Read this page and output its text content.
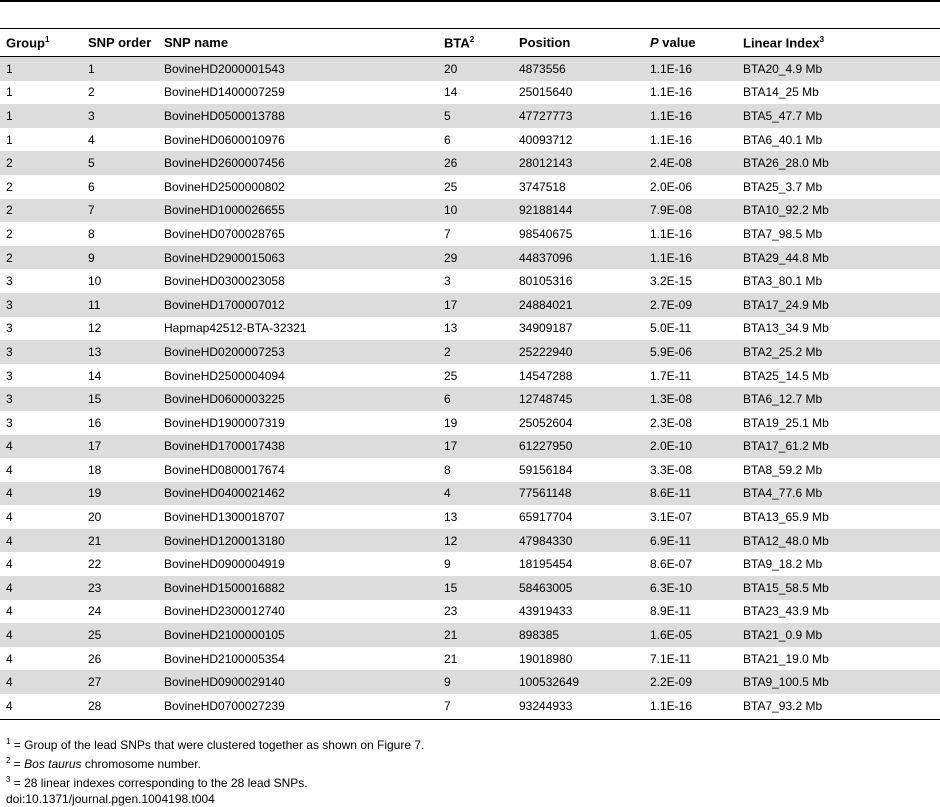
Group$^1$	SNP order	SNP name	BTA$^2$	Position	P value	Linear Index$^3$
1	1	BovineHD2000001543	20	4873556	1.1E-16	BTA20_4.9 Mb
1	2	BovineHD1400007259	14	25015640	1.1E-16	BTA14_25 Mb
1	3	BovineHD0500013788	5	47727773	1.1E-16	BTA5_47.7 Mb
1	4	BovineHD0600010976	6	40093712	1.1E-16	BTA6_40.1 Mb
2	5	BovineHD2600007456	26	28012143	2.4E-08	BTA26_28.0 Mb
2	6	BovineHD2500000802	25	3747518	2.0E-06	BTA25_3.7 Mb
2	7	BovineHD1000026655	10	92188144	7.9E-08	BTA10_92.2 Mb
2	8	BovineHD0700028765	7	98540675	1.1E-16	BTA7_98.5 Mb
2	9	BovineHD2900015063	29	44837096	1.1E-16	BTA29_44.8 Mb
3	10	BovineHD0300023058	3	80105316	3.2E-15	BTA3_80.1 Mb
3	11	BovineHD1700007012	17	24884021	2.7E-09	BTA17_24.9 Mb
3	12	Hapmap42512-BTA-32321	13	34909187	5.0E-11	BTA13_34.9 Mb
3	13	BovineHD0200007253	2	25222940	5.9E-06	BTA2_25.2 Mb
3	14	BovineHD2500004094	25	14547288	1.7E-11	BTA25_14.5 Mb
3	15	BovineHD0600003225	6	12748745	1.3E-08	BTA6_12.7 Mb
3	16	BovineHD1900007319	19	25052604	2.3E-08	BTA19_25.1 Mb
4	17	BovineHD1700017438	17	61227950	2.0E-10	BTA17_61.2 Mb
4	18	BovineHD0800017674	8	59156184	3.3E-08	BTA8_59.2 Mb
4	19	BovineHD0400021462	4	77561148	8.6E-11	BTA4_77.6 Mb
4	20	BovineHD1300018707	13	65917704	3.1E-07	BTA13_65.9 Mb
4	21	BovineHD1200013180	12	47984330	6.9E-11	BTA12_48.0 Mb
4	22	BovineHD0900004919	9	18195454	8.6E-07	BTA9_18.2 Mb
4	23	BovineHD1500016882	15	58463005	6.3E-10	BTA15_58.5 Mb
4	24	BovineHD2300012740	23	43919433	8.9E-11	BTA23_43.9 Mb
4	25	BovineHD2100000105	21	898385	1.6E-05	BTA21_0.9 Mb
4	26	BovineHD2100005354	21	19018980	7.1E-11	BTA21_19.0 Mb
4	27	BovineHD0900029140	9	100532649	2.2E-09	BTA9_100.5 Mb
4	28	BovineHD0700027239	7	93244933	1.1E-16	BTA7_93.2 Mb
$^1$ = Group of the lead SNPs that were clustered together as shown on Figure 7.
$^2$ = Bos taurus chromosome number.
$^3$ = 28 linear indexes corresponding to the 28 lead SNPs.
doi:10.1371/journal.pgen.1004198.t004
